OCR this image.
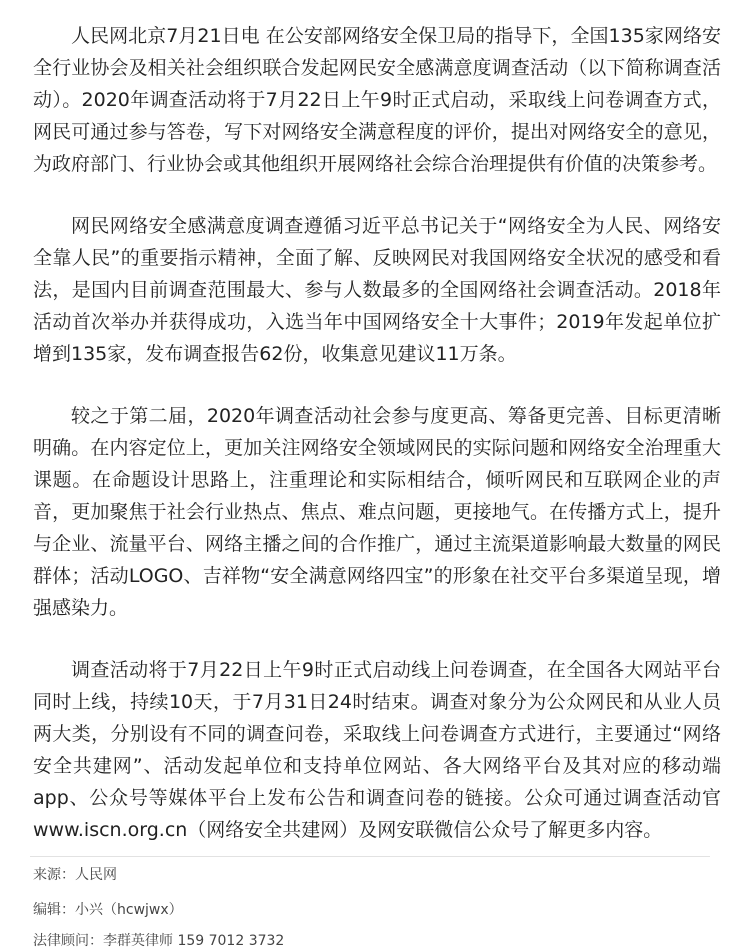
人民网北京7月21日电 在公安部网络安全保卫局的指导下，全国135家网络安全行业协会及相关社会组织联合发起网民安全感满意度调查活动（以下简称调查活动）。2020年调查活动将于7月22日上午9时正式启动，采取线上问卷调查方式，网民可通过参与答卷，写下对网络安全满意程度的评价，提出对网络安全的意见，为政府部门、行业协会或其他组织开展网络社会综合治理提供有价值的决策参考。

网民网络安全感满意度调查遵循习近平总书记关于“网络安全为人民、网络安全靠人民”的重要指示精神，全面了解、反映网民对我国网络安全状况的感受和看法，是国内目前调查范围最大、参与人数最多的全国网络社会调查活动。2018年活动首次举办并获得成功，入选当年中国网络安全十大事件；2019年发起单位扩增到135家，发布调查报告62份，收集意见建议11万条。

较之于第二届，2020年调查活动社会参与度更高、筹备更完善、目标更清晰明确。在内容定位上，更加关注网络安全领域网民的实际问题和网络安全治理重大课题。在命题设计思路上，注重理论和实际相结合，倾听网民和互联网企业的声音，更加聚焦于社会行业热点、焦点、难点问题，更接地气。在传播方式上，提升与企业、流量平台、网络主播之间的合作推广，通过主流渠道影响最大数量的网民群体；活动LOGO、吉祥物“安全满意网络四宝”的形象在社交平台多渠道呈现，增强感染力。

调查活动将于7月22日上午9时正式启动线上问卷调查，在全国各大网站平台同时上线，持续10天，于7月31日24时结束。调查对象分为公众网民和从业人员两大类，分别设有不同的调查问卷，采取线上问卷调查方式进行，主要通过“网络安全共建网”、活动发起单位和支持单位网站、各大网络平台及其对应的移动端app、公众号等媒体平台上发布公告和调查问卷的链接。公众可通过调查活动官www.iscn.org.cn（网络安全共建网）及网安联微信公众号了解更多内容。

来源：人民网
编辑：小兴（hcwjwx）
法律顾问：李群英律师 159 7012 3732
